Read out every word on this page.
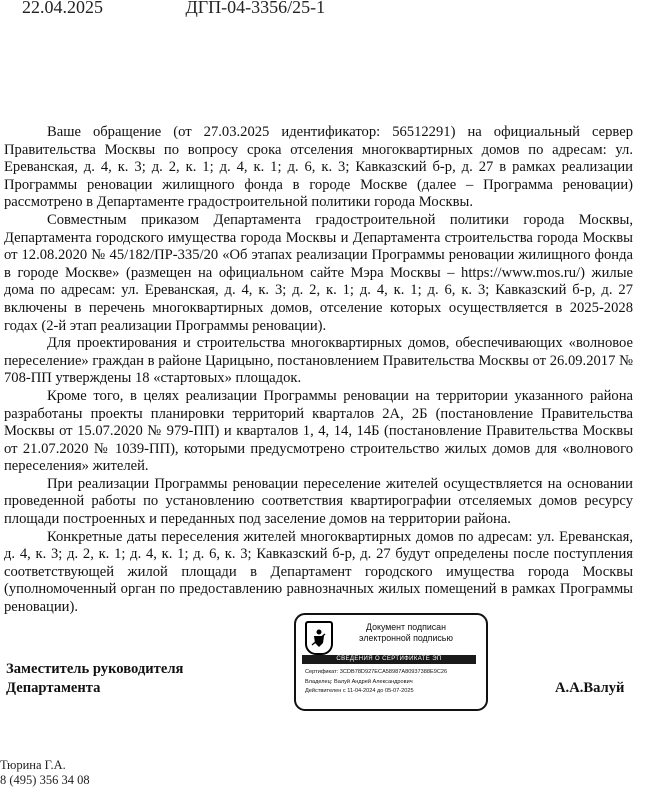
22.04.2025	ДГП-04-3356/25-1

Ваше обращение (от 27.03.2025 идентификатор: 56512291) на официальный сервер Правительства Москвы по вопросу срока отселения многоквартирных домов по адресам: ул. Ереванская, д. 4, к. 3; д. 2, к. 1; д. 4, к. 1; д. 6, к. 3; Кавказский б-р, д. 27 в рамках реализации Программы реновации жилищного фонда в городе Москве (далее – Программа реновации) рассмотрено в Департаменте градостроительной политики города Москвы.

Совместным приказом Департамента градостроительной политики города Москвы, Департамента городского имущества города Москвы и Департамента строительства города Москвы от 12.08.2020 № 45/182/ПР-335/20 «Об этапах реализации Программы реновации жилищного фонда в городе Москве» (размещен на официальном сайте Мэра Москвы – https://www.mos.ru/) жилые дома по адресам: ул. Ереванская, д. 4, к. 3; д. 2, к. 1; д. 4, к. 1; д. 6, к. 3; Кавказский б-р, д. 27 включены в перечень многоквартирных домов, отселение которых осуществляется в 2025-2028 годах (2-й этап реализации Программы реновации).

Для проектирования и строительства многоквартирных домов, обеспечивающих «волновое переселение» граждан в районе Царицыно, постановлением Правительства Москвы от 26.09.2017 № 708-ПП утверждены 18 «стартовых» площадок.

Кроме того, в целях реализации Программы реновации на территории указанного района разработаны проекты планировки территорий кварталов 2А, 2Б (постановление Правительства Москвы от 15.07.2020 № 979-ПП) и кварталов 1, 4, 14, 14Б (постановление Правительства Москвы от 21.07.2020 № 1039-ПП), которыми предусмотрено строительство жилых домов для «волнового переселения» жителей.

При реализации Программы реновации переселение жителей осуществляется на основании проведенной работы по установлению соответствия квартирографии отселяемых домов ресурсу площади построенных и переданных под заселение домов на территории района.

Конкретные даты переселения жителей многоквартирных домов по адресам: ул. Ереванская, д. 4, к. 3; д. 2, к. 1; д. 4, к. 1; д. 6, к. 3; Кавказский б-р, д. 27 будут определены после поступления соответствующей жилой площади в Департамент городского имущества города Москвы (уполномоченный орган по предоставлению равнозначных жилых помещений в рамках Программы реновации).

Заместитель руководителя
Департамента
Документ подписан
электронной подписью
СВЕДЕНИЯ О СЕРТИФИКАТЕ ЭП
Сертификат: 3CDB78D927ECA58987A80937388E9C26
Владелец: Валуй Андрей Александрович
Действителен с 11-04-2024 до 05-07-2025	А.А.Валуй
Тюрина Г.А.
8 (495) 356 34 08
